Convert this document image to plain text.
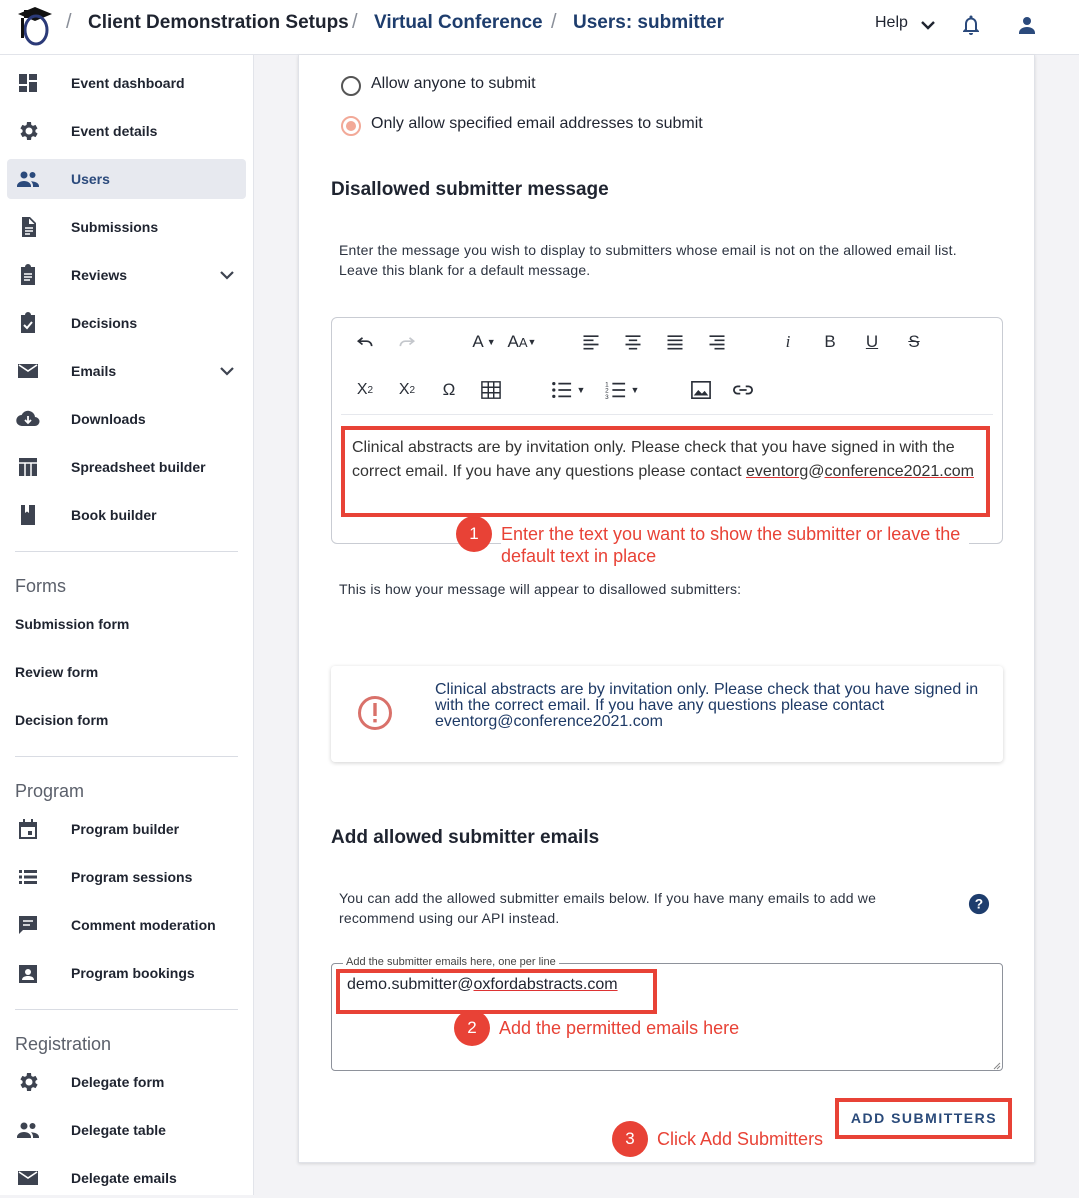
/ Client Demonstration Setups / Virtual Conference / Users: submitter	Help
Event dashboard
Event details
Users
Submissions
Reviews
Decisions
Emails
Downloads
Spreadsheet builder
Book builder
Forms
Submission form
Review form
Decision form
Program
Program builder
Program sessions
Comment moderation
Program bookings
Registration
Delegate form
Delegate table
Delegate emails
Allow anyone to submit
Only allow specified email addresses to submit
Disallowed submitter message
Enter the message you wish to display to submitters whose email is not on the allowed email list.
Leave this blank for a default message.
A ▼ A A ▼	i	B	U	S
X 2	X 2	Ω	▼
1
2
3
▼
Clinical abstracts are by invitation only. Please check that you have signed in with the
correct email. If you have any questions please contact eventorg@conference2021.com
1	Enter the text you want to show the submitter or leave the default text in place
This is how your message will appear to disallowed submitters:
Clinical abstracts are by invitation only. Please check that you have signed in with the correct email. If you have any questions please contact eventorg@conference2021.com
Add allowed submitter emails
You can add the allowed submitter emails below. If you have many emails to add we
recommend using our API instead.
?
Add the submitter emails here, one per line
demo.submitter@oxfordabstracts.com
2	Add the permitted emails here
ADD SUBMITTERS
3	Click Add Submitters
